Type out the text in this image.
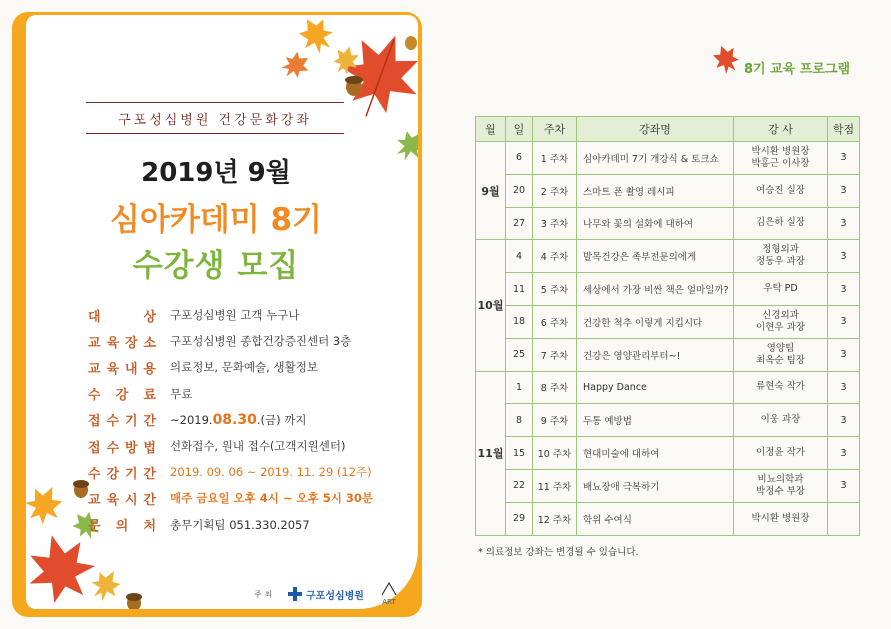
구포성심병원 건강문화강좌
2019년 9월
심아카데미 8기
수강생 모집
대	상 구포성심병원 고객 누구나
교 육 장 소 구포성심병원 종합건강증진센터 3층
교 육 내 용 의료정보, 문화예술, 생활정보
수 강 료 무료
접 수 기 간 ~2019.08.30.(금) 까지
접 수 방 법 선화접수, 원내 접수(고객지원센터)
수 강 기 간 2019. 09. 06 ~ 2019. 11. 29 (12주)
교 육 시 간 매주 금요일 오후 4시 ~ 오후 5시 30분
문 의 처 총무기획팀 051.330.2057
주 최	구포성심병원
ART
8기 교육 프로그램
월	일	주차	강좌명	강 사	학점
9월	6	1 주차	심아카데미 7기 개강식 & 토크쇼	박시환 병원장
박홍근 이사장	3
	20	2 주차	스마트 폰 촬영 레시피	여승진 실장	3
	27	3 주차	나무와 꽃의 설화에 대하여	김은하 실장	3
10월	4	4 주차	발목건강은 족부전문의에게	정형외과
정동우 과장	3
	11	5 주차	세상에서 가장 비싼 책은 얼마일까?	우탁 PD	3
	18	6 주차	건강한 척추 이렇게 지킵시다	신경외과
이현우 과장	3
	25	7 주차	건강은 영양관리부터~!	영양팀
최옥순 팀장	3
11월	1	8 주차	Happy Dance	류현숙 작가	3
	8	9 주차	두통 예방법	이웅 과장	3
	15	10 주차	현대미술에 대하여	이정윤 작가	3
	22	11 주차	배뇨장애 극복하기	비뇨의학과
박정수 부장	3
	29	12 주차	학위 수여식	박시환 병원장	

* 의료정보 강좌는 변경될 수 있습니다.
